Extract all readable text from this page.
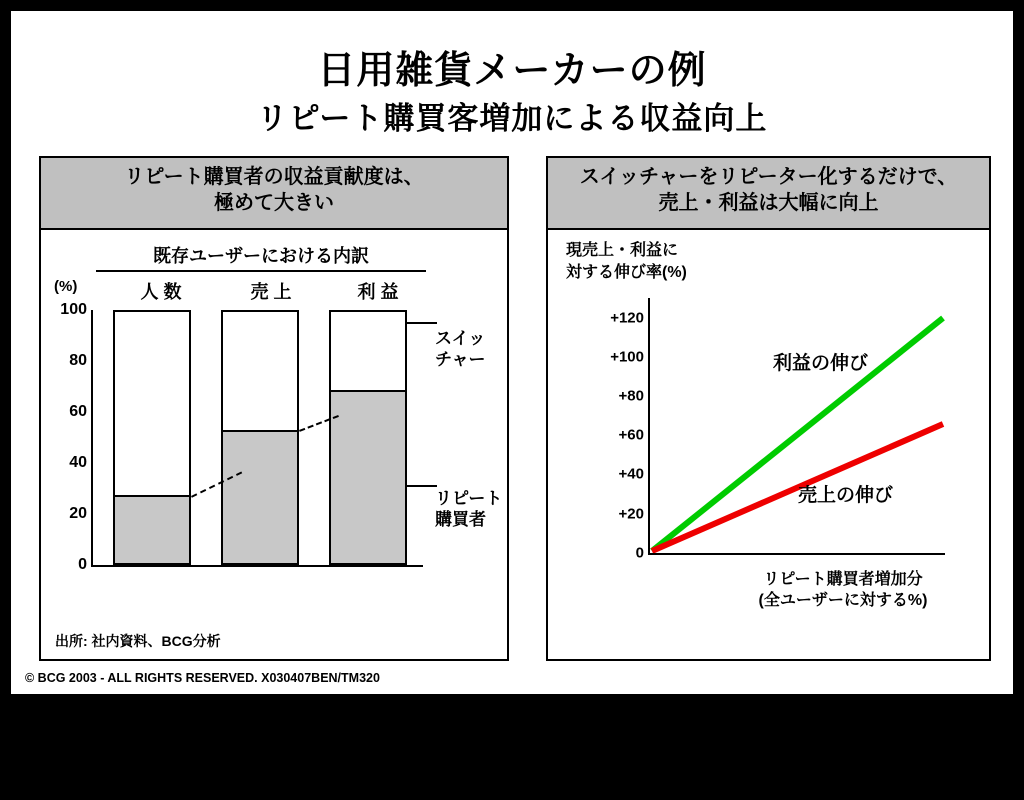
日用雑貨メーカーの例
リピート購買客増加による収益向上
リピート購買者の収益貢献度は、
極めて大きい
既存ユーザーにおける内訳
(%)	人 数	売 上	利 益
100
80
60
40
20
0
スイッ
チャー
リピート
購買者
出所: 社内資料、BCG分析
スイッチャーをリピーター化するだけで、
売上・利益は大幅に向上
現売上・利益に
対する伸び率(%)
+120
+100
+80
+60
+40
+20
0
利益の伸び
売上の伸び
リピート購買者増加分
(全ユーザーに対する%)
© BCG 2003 - ALL RIGHTS RESERVED. X030407BEN/TM320
